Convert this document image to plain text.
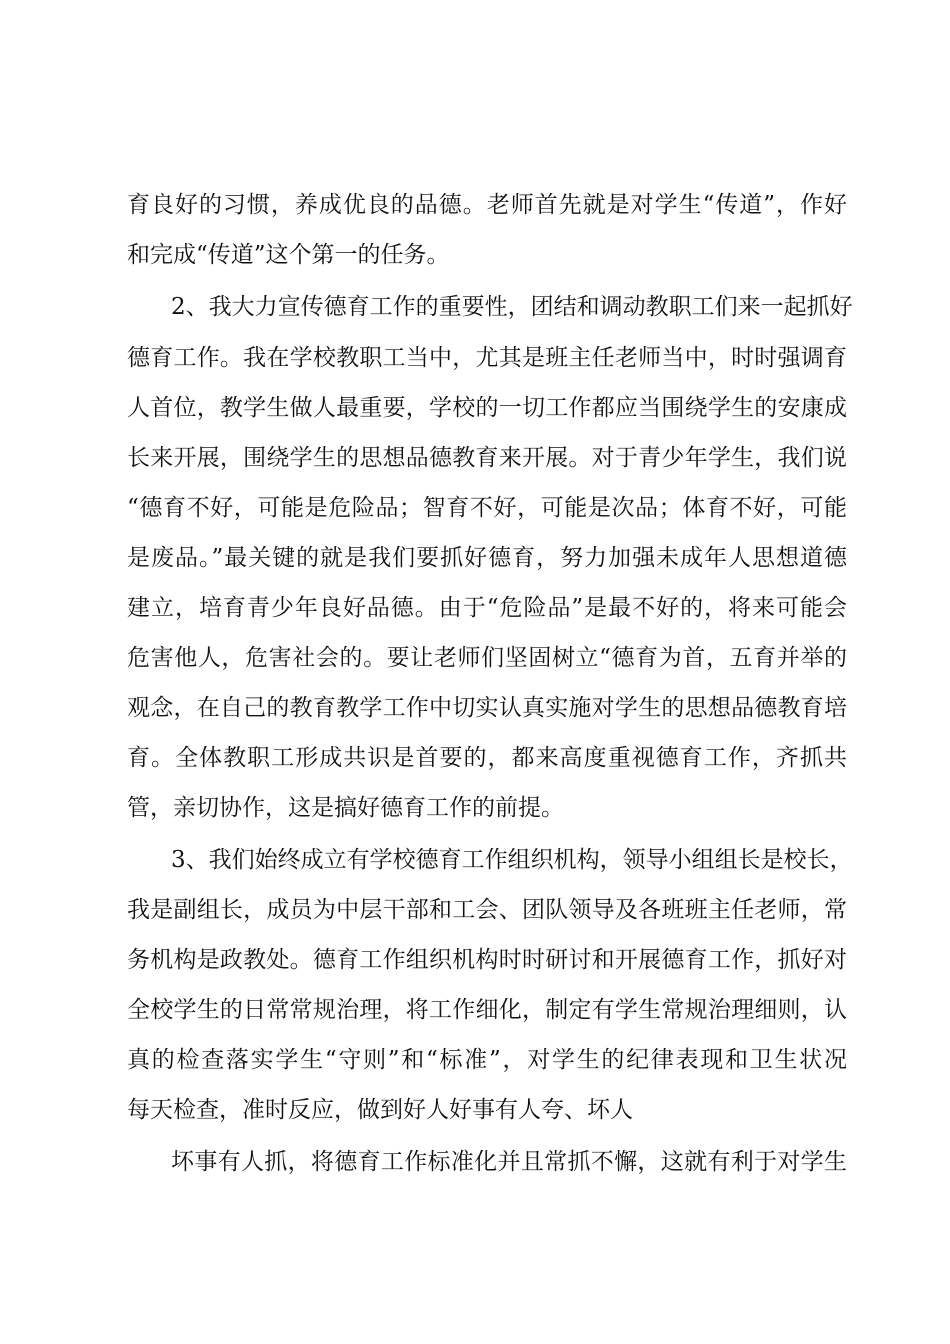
育良好的习惯，养成优良的品德。老师首先就是对学生“传道”，作好
和完成“传道”这个第一的任务。
2、我大力宣传德育工作的重要性，团结和调动教职工们来一起抓好
德育工作。我在学校教职工当中，尤其是班主任老师当中，时时强调育
人首位，教学生做人最重要，学校的一切工作都应当围绕学生的安康成
长来开展，围绕学生的思想品德教育来开展。对于青少年学生，我们说
“德育不好，可能是危险品；智育不好，可能是次品；体育不好，可能
是废品。”最关键的就是我们要抓好德育，努力加强未成年人思想道德
建立，培育青少年良好品德。由于“危险品”是最不好的，将来可能会
危害他人，危害社会的。要让老师们坚固树立“德育为首，五育并举的
观念，在自己的教育教学工作中切实认真实施对学生的思想品德教育培
育。全体教职工形成共识是首要的，都来高度重视德育工作，齐抓共
管，亲切协作，这是搞好德育工作的前提。
3、我们始终成立有学校德育工作组织机构，领导小组组长是校长，
我是副组长，成员为中层干部和工会、团队领导及各班班主任老师，常
务机构是政教处。德育工作组织机构时时研讨和开展德育工作，抓好对
全校学生的日常常规治理，将工作细化，制定有学生常规治理细则，认
真的检查落实学生“守则”和“标准”，对学生的纪律表现和卫生状况
每天检查，准时反应，做到好人好事有人夸、坏人
坏事有人抓，将德育工作标准化并且常抓不懈，这就有利于对学生
